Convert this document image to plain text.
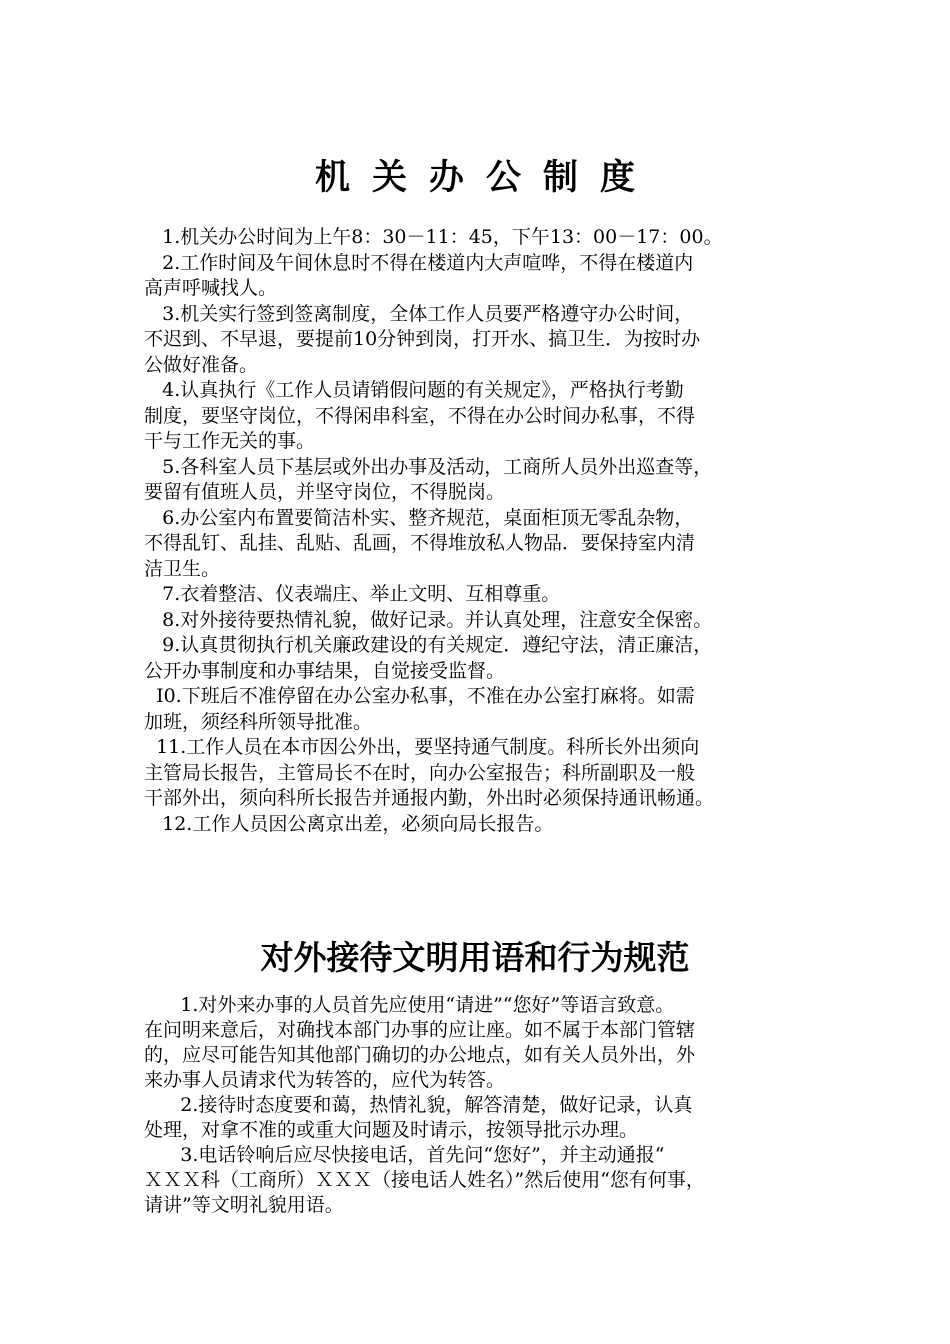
机关办公制度

1.机关办公时间为上午8：30－11：45，下午13：00－17：00。

2.工作时间及午间休息时不得在楼道内大声喧哗，不得在楼道内

高声呼喊找人。

3.机关实行签到签离制度，全体工作人员要严格遵守办公时间，

不迟到、不早退，要提前10分钟到岗，打开水、搞卫生．为按时办

公做好准备。

4.认真执行《工作人员请销假问题的有关规定》，严格执行考勤

制度，要坚守岗位，不得闲串科室，不得在办公时间办私事，不得

干与工作无关的事。

5.各科室人员下基层或外出办事及活动，工商所人员外出巡查等，

要留有值班人员，并坚守岗位，不得脱岗。

6.办公室内布置要简洁朴实、整齐规范，桌面柜顶无零乱杂物，

不得乱钉、乱挂、乱贴、乱画，不得堆放私人物品．要保持室内清

洁卫生。

7.衣着整洁、仪表端庄、举止文明、互相尊重。

8.对外接待要热情礼貌，做好记录。并认真处理，注意安全保密。

9.认真贯彻执行机关廉政建设的有关规定．遵纪守法，清正廉洁，

公开办事制度和办事结果，自觉接受监督。

I0.下班后不准停留在办公室办私事，不准在办公室打麻将。如需

加班，须经科所领导批准。

11.工作人员在本市因公外出，要坚持通气制度。科所长外出须向

主管局长报告，主管局长不在时，向办公室报告；科所副职及一般

干部外出，须向科所长报告并通报内勤，外出时必须保持通讯畅通。

12.工作人员因公离京出差，必须向局长报告。

对外接待文明用语和行为规范

1.对外来办事的人员首先应使用“请进”“您好”等语言致意。

在问明来意后，对确找本部门办事的应让座。如不属于本部门管辖

的，应尽可能告知其他部门确切的办公地点，如有关人员外出，外

来办事人员请求代为转答的，应代为转答。

2.接待时态度要和蔼，热情礼貌，解答清楚，做好记录，认真

处理，对拿不准的或重大问题及时请示，按领导批示办理。

3.电话铃响后应尽快接电话，首先问“您好”，并主动通报“

ＸＸＸ科（工商所）ＸＸＸ（接电话人姓名）”然后使用“您有何事，

请讲”等文明礼貌用语。
